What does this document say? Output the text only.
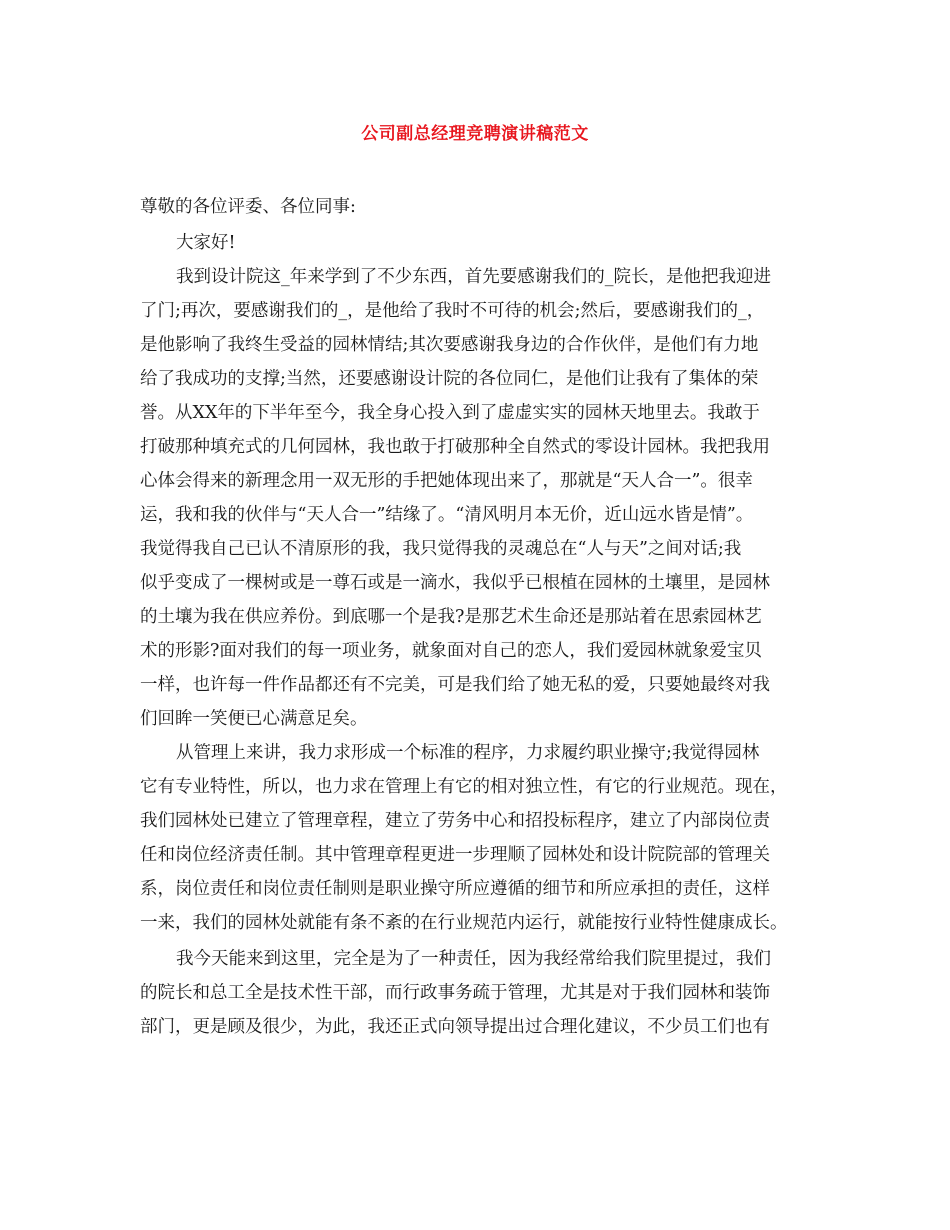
公司副总经理竞聘演讲稿范文
尊敬的各位评委、各位同事:
大家好!
我到设计院这_年来学到了不少东西，首先要感谢我们的_院长，是他把我迎进
了门;再次，要感谢我们的_，是他给了我时不可待的机会;然后，要感谢我们的_，
是他影响了我终生受益的园林情结;其次要感谢我身边的合作伙伴，是他们有力地
给了我成功的支撑;当然，还要感谢设计院的各位同仁，是他们让我有了集体的荣
誉。从XX年的下半年至今，我全身心投入到了虚虚实实的园林天地里去。我敢于
打破那种填充式的几何园林，我也敢于打破那种全自然式的零设计园林。我把我用
心体会得来的新理念用一双无形的手把她体现出来了，那就是“天人合一”。很幸
运，我和我的伙伴与“天人合一”结缘了。“清风明月本无价，近山远水皆是情”。
我觉得我自己已认不清原形的我，我只觉得我的灵魂总在“人与天”之间对话;我
似乎变成了一棵树或是一尊石或是一滴水，我似乎已根植在园林的土壤里，是园林
的土壤为我在供应养份。到底哪一个是我?是那艺术生命还是那站着在思索园林艺
术的形影?面对我们的每一项业务，就象面对自己的恋人，我们爱园林就象爱宝贝
一样，也许每一件作品都还有不完美，可是我们给了她无私的爱，只要她最终对我
们回眸一笑便已心满意足矣。
从管理上来讲，我力求形成一个标准的程序，力求履约职业操守;我觉得园林
它有专业特性，所以，也力求在管理上有它的相对独立性，有它的行业规范。现在，
我们园林处已建立了管理章程，建立了劳务中心和招投标程序，建立了内部岗位责
任和岗位经济责任制。其中管理章程更进一步理顺了园林处和设计院院部的管理关
系，岗位责任和岗位责任制则是职业操守所应遵循的细节和所应承担的责任，这样
一来，我们的园林处就能有条不紊的在行业规范内运行，就能按行业特性健康成长。
我今天能来到这里，完全是为了一种责任，因为我经常给我们院里提过，我们
的院长和总工全是技术性干部，而行政事务疏于管理，尤其是对于我们园林和装饰
部门，更是顾及很少，为此，我还正式向领导提出过合理化建议，不少员工们也有
